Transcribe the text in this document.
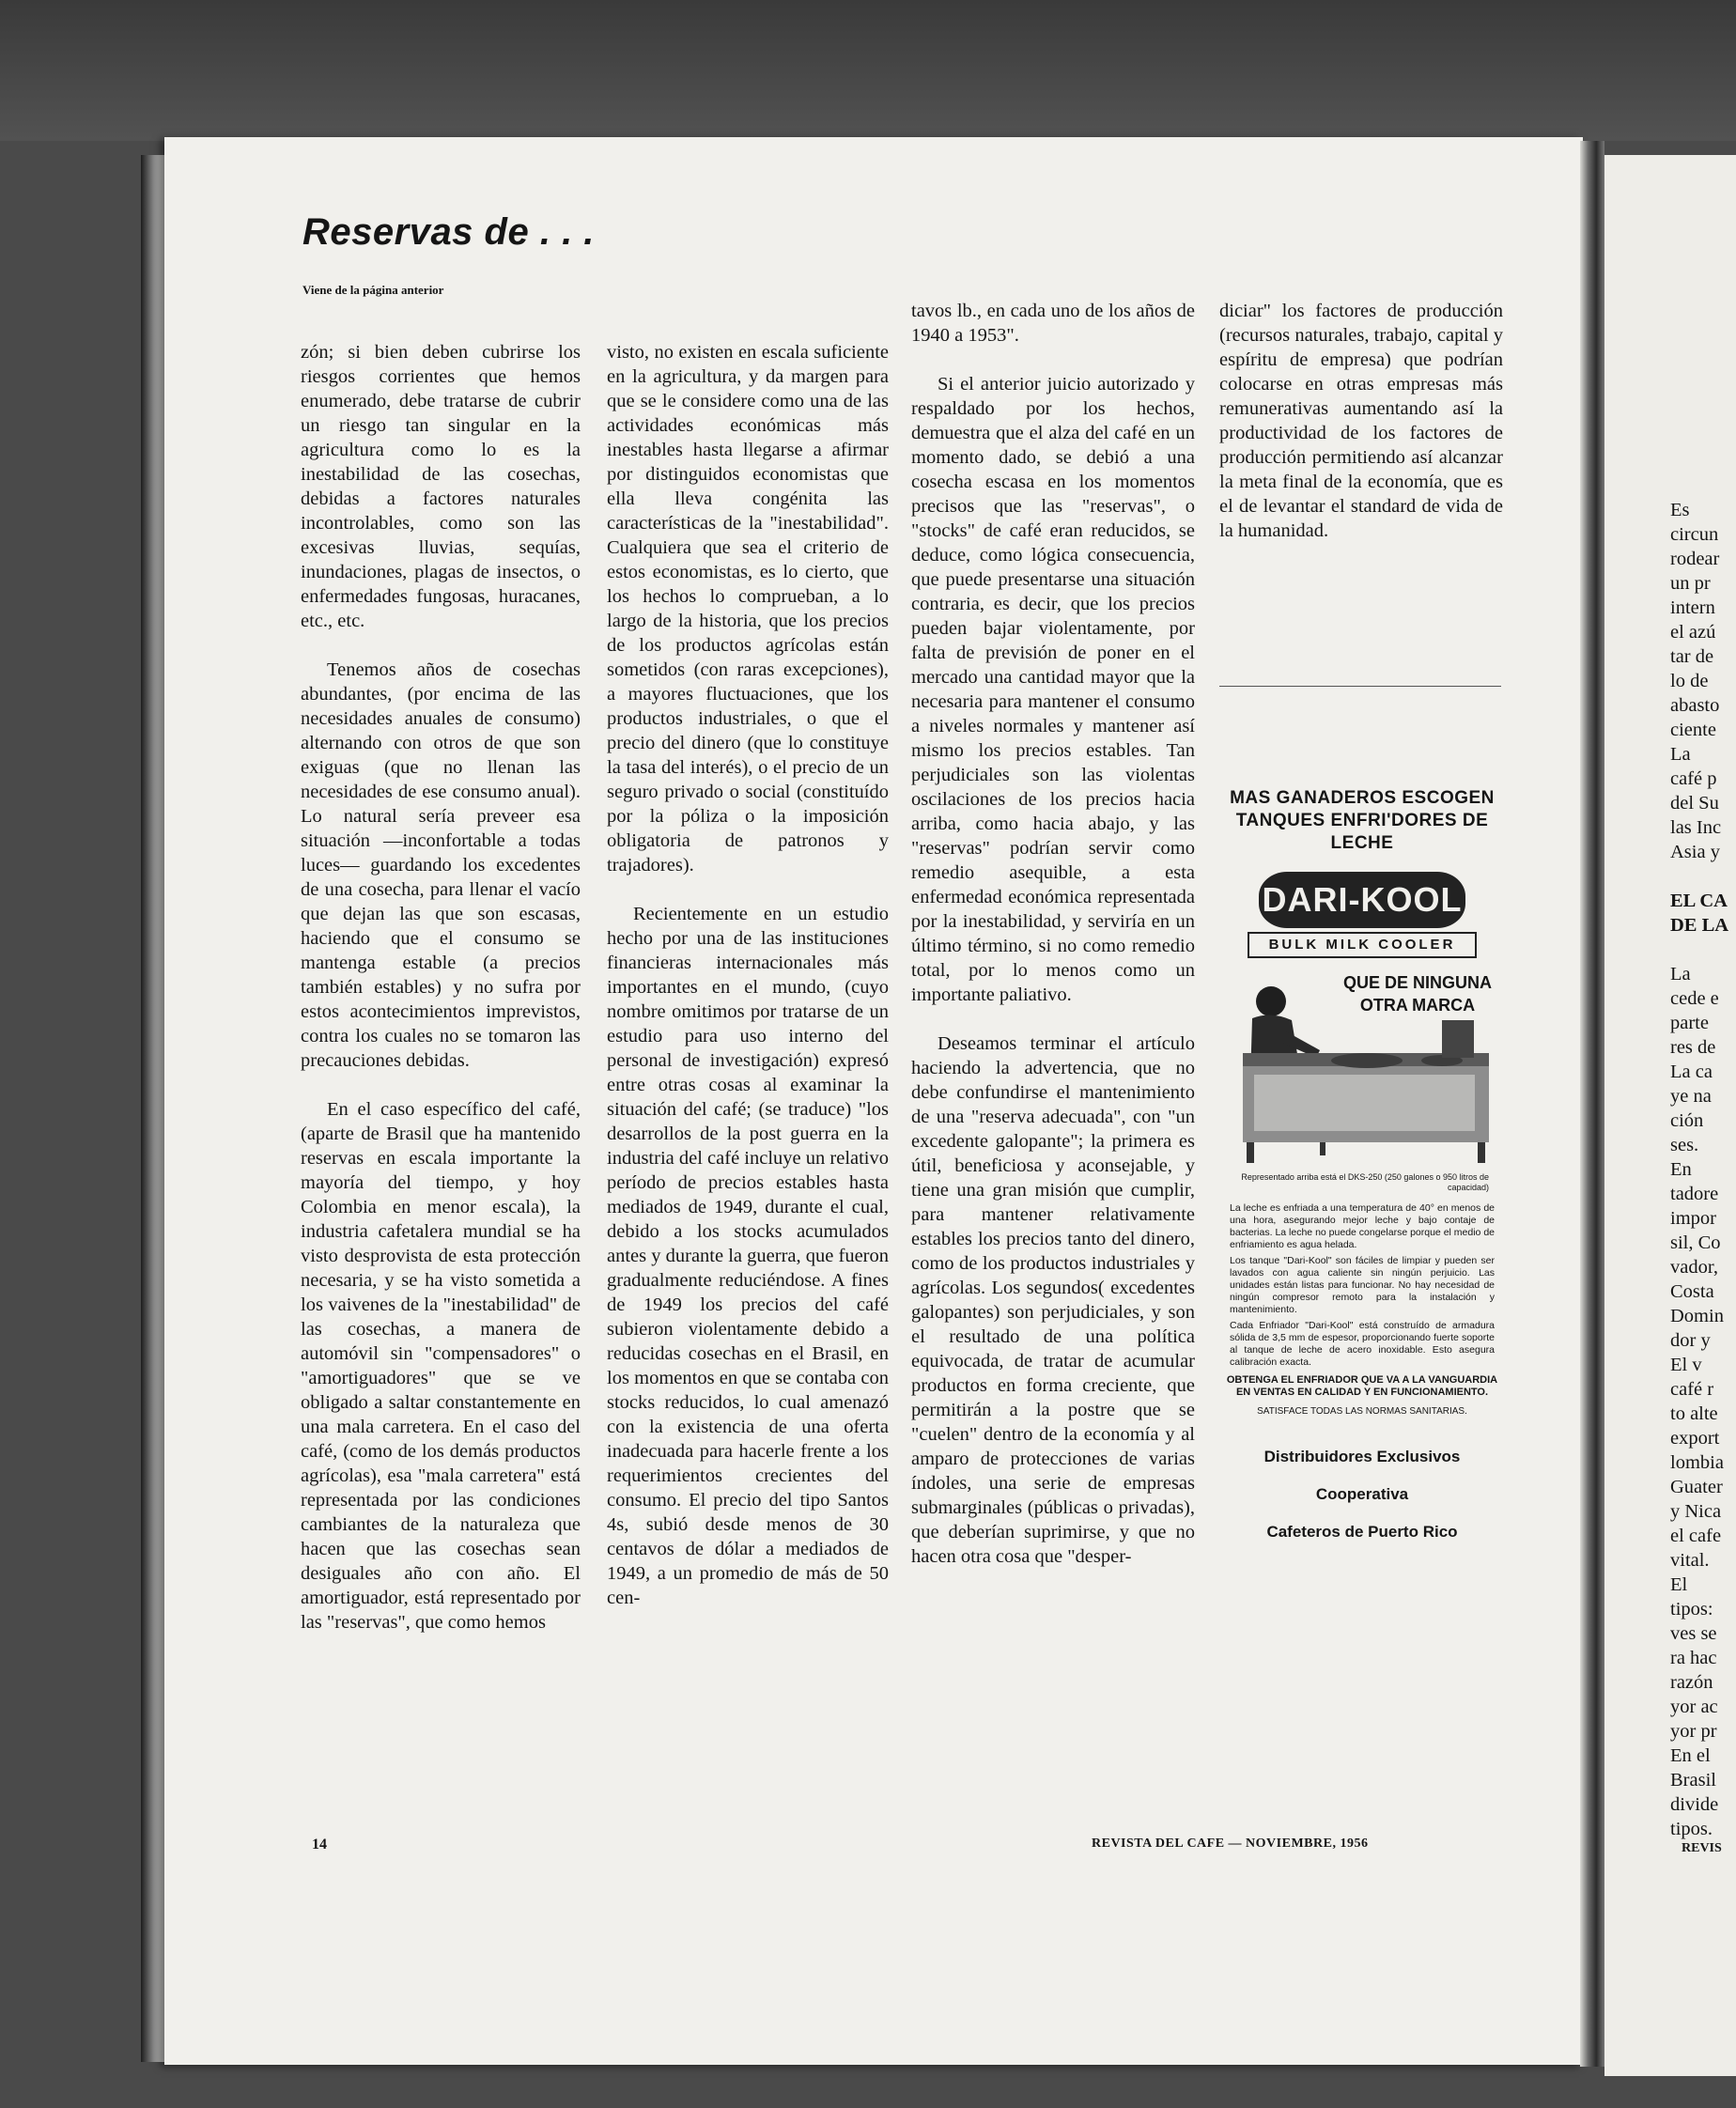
Reservas de . . .
Viene de la página anterior

zón; si bien deben cubrirse los riesgos corrientes que hemos enumerado, debe tratarse de cubrir un riesgo tan singular en la agricultura como lo es la inestabilidad de las cosechas, debidas a factores naturales incontrolables, como son las excesivas lluvias, sequías, inundaciones, plagas de insectos, o enfermedades fungosas, huracanes, etc., etc.

Tenemos años de cosechas abundantes, (por encima de las necesidades anuales de consumo) alternando con otros de que son exiguas (que no llenan las necesidades de ese consumo anual). Lo natural sería preveer esa situación —inconfortable a todas luces— guardando los excedentes de una cosecha, para llenar el vacío que dejan las que son escasas, haciendo que el consumo se mantenga estable (a precios también estables) y no sufra por estos acontecimientos imprevistos, contra los cuales no se tomaron las precauciones debidas.

En el caso específico del café, (aparte de Brasil que ha mantenido reservas en escala importante la mayoría del tiempo, y hoy Colombia en menor escala), la industria cafetalera mundial se ha visto desprovista de esta protección necesaria, y se ha visto sometida a los vaivenes de la "inestabilidad" de las cosechas, a manera de automóvil sin "compensadores" o "amortiguadores" que se ve obligado a saltar constantemente en una mala carretera. En el caso del café, (como de los demás productos agrícolas), esa "mala carretera" está representada por las condiciones cambiantes de la naturaleza que hacen que las cosechas sean desiguales año con año. El amortiguador, está representado por las "reservas", que como hemos

visto, no existen en escala suficiente en la agricultura, y da margen para que se le considere como una de las actividades económicas más inestables hasta llegarse a afirmar por distinguidos economistas que ella lleva congénita las características de la "inestabilidad". Cualquiera que sea el criterio de estos economistas, es lo cierto, que los hechos lo comprueban, a lo largo de la historia, que los precios de los productos agrícolas están sometidos (con raras excepciones), a mayores fluctuaciones, que los productos industriales, o que el precio del dinero (que lo constituye la tasa del interés), o el precio de un seguro privado o social (constituído por la póliza o la imposición obligatoria de patronos y trajadores).

Recientemente en un estudio hecho por una de las instituciones financieras internacionales más importantes en el mundo, (cuyo nombre omitimos por tratarse de un estudio para uso interno del personal de investigación) expresó entre otras cosas al examinar la situación del café; (se traduce) "los desarrollos de la post guerra en la industria del café incluye un relativo período de precios estables hasta mediados de 1949, durante el cual, debido a los stocks acumulados antes y durante la guerra, que fueron gradualmente reduciéndose. A fines de 1949 los precios del café subieron violentamente debido a reducidas cosechas en el Brasil, en los momentos en que se contaba con stocks reducidos, lo cual amenazó con la existencia de una oferta inadecuada para hacerle frente a los requerimientos crecientes del consumo. El precio del tipo Santos 4s, subió desde menos de 30 centavos de dólar a mediados de 1949, a un promedio de más de 50 cen-

tavos lb., en cada uno de los años de 1940 a 1953".

Si el anterior juicio autorizado y respaldado por los hechos, demuestra que el alza del café en un momento dado, se debió a una cosecha escasa en los momentos precisos que las "reservas", o "stocks" de café eran reducidos, se deduce, como lógica consecuencia, que puede presentarse una situación contraria, es decir, que los precios pueden bajar violentamente, por falta de previsión de poner en el mercado una cantidad mayor que la necesaria para mantener el consumo a niveles normales y mantener así mismo los precios estables. Tan perjudiciales son las violentas oscilaciones de los precios hacia arriba, como hacia abajo, y las "reservas" podrían servir como remedio asequible, a esta enfermedad económica representada por la inestabilidad, y serviría en un último término, si no como remedio total, por lo menos como un importante paliativo.

Deseamos terminar el artículo haciendo la advertencia, que no debe confundirse el mantenimiento de una "reserva adecuada", con "un excedente galopante"; la primera es útil, beneficiosa y aconsejable, y tiene una gran misión que cumplir, para mantener relativamente estables los precios tanto del dinero, como de los productos industriales y agrícolas. Los segundos( excedentes galopantes) son perjudiciales, y son el resultado de una política equivocada, de tratar de acumular productos en forma creciente, que permitirán a la postre que se "cuelen" dentro de la economía y al amparo de protecciones de varias índoles, una serie de empresas submarginales (públicas o privadas), que deberían suprimirse, y que no hacen otra cosa que "desper-

diciar" los factores de producción (recursos naturales, trabajo, capital y espíritu de empresa) que podrían colocarse en otras empresas más remunerativas aumentando así la productividad de los factores de producción permitiendo así alcanzar la meta final de la economía, que es el de levantar el standard de vida de la humanidad.

MAS GANADEROS ESCOGEN TANQUES ENFRI'DORES DE LECHE
DARI-KOOL
BULK MILK COOLER
QUE DE NINGUNA OTRA MARCA
Representado arriba está el DKS-250 (250 galones o 950 litros de capacidad)

La leche es enfriada a una temperatura de 40° en menos de una hora, asegurando mejor leche y bajo contaje de bacterias. La leche no puede congelarse porque el medio de enfriamiento es agua helada.

Los tanque "Dari-Kool" son fáciles de limpiar y pueden ser lavados con agua caliente sin ningún perjuicio. Las unidades están listas para funcionar. No hay necesidad de ningún compresor remoto para la instalación y mantenimiento.

Cada Enfriador "Dari-Kool" está construído de armadura sólida de 3,5 mm de espesor, proporcionando fuerte soporte al tanque de leche de acero inoxidable. Esto asegura calibración exacta.

OBTENGA EL ENFRIADOR QUE VA A LA VANGUARDIA EN VENTAS EN CALIDAD Y EN FUNCIONAMIENTO.
SATISFACE TODAS LAS NORMAS SANITARIAS.
Distribuidores Exclusivos
Cooperativa
Cafeteros de Puerto Rico
14	REVISTA DEL CAFE — NOVIEMBRE, 1956
Es
circun
rodear
un pr
intern
el azú
tar de
lo de
abasto
ciente
La
café p
del Su
las Inc
Asia y
EL CA
DE LA
La
cede e
parte
res de
La ca
ye na
ción
ses.
En
tadore
impor
sil, Co
vador,
Costa
Domin
dor y
El v
café r
to alte
export
lombia
Guater
y Nica
el cafe
vital.
El
tipos:
ves se
ra hac
razón
yor ac
yor pr
En el
Brasil
divide
tipos.
REVIS
